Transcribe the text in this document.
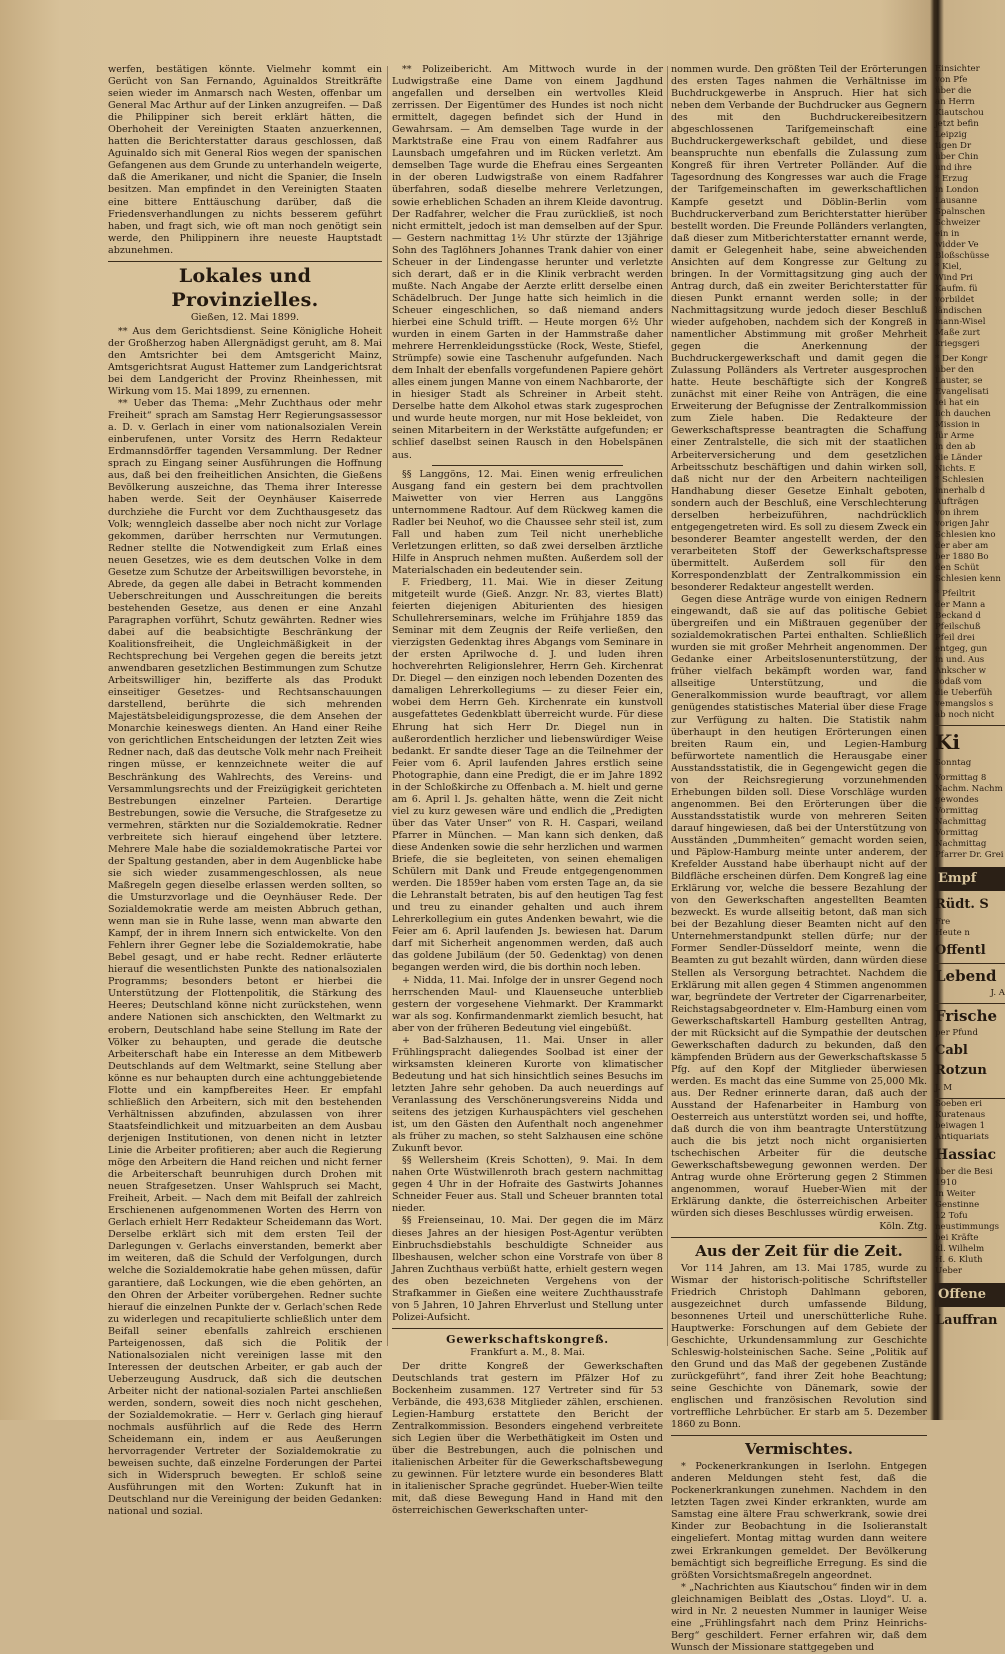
werfen, bestätigen könnte. Vielmehr kommt ein Gerücht von San Fernando, Aguinaldos Streitkräfte seien wieder im Anmarsch nach Westen, offenbar um General Mac Arthur auf der Linken anzugreifen. — Daß die Philippiner sich bereit erklärt hätten, die Oberhoheit der Vereinigten Staaten anzuerkennen, hatten die Berichterstatter daraus geschlossen, daß Aguinaldo sich mit General Rios wegen der spanischen Gefangenen aus dem Grunde zu unterhandeln weigerte, daß die Amerikaner, und nicht die Spanier, die Inseln besitzen. Man empfindet in den Vereinigten Staaten eine bittere Enttäuschung darüber, daß die Friedensverhandlungen zu nichts besserem geführt haben, und fragt sich, wie oft man noch genötigt sein werde, den Philippinern ihre neueste Hauptstadt abzunehmen.

Lokales und Provinzielles.
Gießen, 12. Mai 1899.

** Aus dem Gerichtsdienst. Seine Königliche Hoheit der Großherzog haben Allergnädigst geruht, am 8. Mai den Amtsrichter bei dem Amtsgericht Mainz, Amtsgerichtsrat August Hattemer zum Landgerichtsrat bei dem Landgericht der Provinz Rheinhessen, mit Wirkung vom 15. Mai 1899, zu ernennen.

** Ueber das Thema: „Mehr Zuchthaus oder mehr Freiheit“ sprach am Samstag Herr Regierungsassessor a. D. v. Gerlach in einer vom nationalsozialen Verein einberufenen, unter Vorsitz des Herrn Redakteur Erdmannsdörffer tagenden Versammlung. Der Redner sprach zu Eingang seiner Ausführungen die Hoffnung aus, daß bei den freiheitlichen Ansichten, die Gießens Bevölkerung auszeichne, das Thema ihrer Interesse haben werde. Seit der Oeynhäuser Kaiserrede durchziehe die Furcht vor dem Zuchthausgesetz das Volk; wenngleich dasselbe aber noch nicht zur Vorlage gekommen, darüber herrschten nur Vermutungen. Redner stellte die Notwendigkeit zum Erlaß eines neuen Gesetzes, wie es dem deutschen Volke in dem Gesetze zum Schutze der Arbeitswilligen bevorstehe, in Abrede, da gegen alle dabei in Betracht kommenden Ueberschreitungen und Ausschreitungen die bereits bestehenden Gesetze, aus denen er eine Anzahl Paragraphen vorführt, Schutz gewährten. Redner wies dabei auf die beabsichtigte Beschränkung der Koalitionsfreiheit, die Ungleichmäßigkeit in der Rechtsprechung bei Vergehen gegen die bereits jetzt anwendbaren gesetzlichen Bestimmungen zum Schutze Arbeitswilliger hin, bezifferte als das Produkt einseitiger Gesetzes- und Rechtsanschauungen darstellend, berührte die sich mehrenden Majestätsbeleidigungsprozesse, die dem Ansehen der Monarchie keineswegs dienten. An Hand einer Reihe von gerichtlichen Entscheidungen der letzten Zeit wies Redner nach, daß das deutsche Volk mehr nach Freiheit ringen müsse, er kennzeichnete weiter die auf Beschränkung des Wahlrechts, des Vereins- und Versammlungsrechts und der Freizügigkeit gerichteten Bestrebungen einzelner Parteien. Derartige Bestrebungen, sowie die Versuche, die Strafgesetze zu vermehren, stärkten nur die Sozialdemokratie. Redner verbreitete sich hierauf eingehend über letztere. Mehrere Male habe die sozialdemokratische Partei vor der Spaltung gestanden, aber in dem Augenblicke habe sie sich wieder zusammengeschlossen, als neue Maßregeln gegen dieselbe erlassen werden sollten, so die Umsturzvorlage und die Oeynhäuser Rede. Der Sozialdemokratie werde am meisten Abbruch gethan, wenn man sie in Ruhe lasse, wenn man abwarte den Kampf, der in ihrem Innern sich entwickelte. Von den Fehlern ihrer Gegner lebe die Sozialdemokratie, habe Bebel gesagt, und er habe recht. Redner erläuterte hierauf die wesentlichsten Punkte des nationalsozialen Programms; besonders betont er hierbei die Unterstützung der Flottenpolitik, die Stärkung des Heeres; Deutschland könne nicht zurückstehen, wenn andere Nationen sich anschickten, den Weltmarkt zu erobern, Deutschland habe seine Stellung im Rate der Völker zu behaupten, und gerade die deutsche Arbeiterschaft habe ein Interesse an dem Mitbewerb Deutschlands auf dem Weltmarkt, seine Stellung aber könne es nur behaupten durch eine achtunggebietende Flotte und ein kampfbereites Heer. Er empfahl schließlich den Arbeitern, sich mit den bestehenden Verhältnissen abzufinden, abzulassen von ihrer Staatsfeindlichkeit und mitzuarbeiten an dem Ausbau derjenigen Institutionen, von denen nicht in letzter Linie die Arbeiter profitieren; aber auch die Regierung möge den Arbeitern die Hand reichen und nicht ferner die Arbeiterschaft beunruhigen durch Drohen mit neuen Strafgesetzen. Unser Wahlspruch sei Macht, Freiheit, Arbeit. — Nach dem mit Beifall der zahlreich Erschienenen aufgenommenen Worten des Herrn von Gerlach erhielt Herr Redakteur Scheidemann das Wort. Derselbe erklärt sich mit dem ersten Teil der Darlegungen v. Gerlachs einverstanden, bemerkt aber im weiteren, daß die Schuld der Verfolgungen, durch welche die Sozialdemokratie habe gehen müssen, dafür garantiere, daß Lockungen, wie die eben gehörten, an den Ohren der Arbeiter vorübergehen. Redner suchte hierauf die einzelnen Punkte der v. Gerlach'schen Rede zu widerlegen und recapitulierte schließlich unter dem Beifall seiner ebenfalls zahlreich erschienen Parteigenossen, daß sich die Politik der Nationalsozialen nicht vereinigen lasse mit den Interessen der deutschen Arbeiter, er gab auch der Ueberzeugung Ausdruck, daß sich die deutschen Arbeiter nicht der national-sozialen Partei anschließen werden, sondern, soweit dies noch nicht geschehen, der Sozialdemokratie. — Herr v. Gerlach ging hierauf nochmals ausführlich auf die Rede des Herrn Scheidemann ein, indem er aus Aeußerungen hervorragender Vertreter der Sozialdemokratie zu beweisen suchte, daß einzelne Forderungen der Partei sich in Widerspruch bewegten. Er schloß seine Ausführungen mit den Worten: Zukunft hat in Deutschland nur die Vereinigung der beiden Gedanken: national und sozial.

** Polizeibericht. Am Mittwoch wurde in der Ludwigstraße eine Dame von einem Jagdhund angefallen und derselben ein wertvolles Kleid zerrissen. Der Eigentümer des Hundes ist noch nicht ermittelt, dagegen befindet sich der Hund in Gewahrsam. — Am demselben Tage wurde in der Marktstraße eine Frau von einem Radfahrer aus Launsbach umgefahren und im Rücken verletzt. Am demselben Tage wurde die Ehefrau eines Sergeanten in der oberen Ludwigstraße von einem Radfahrer überfahren, sodaß dieselbe mehrere Verletzungen, sowie erheblichen Schaden an ihrem Kleide davontrug. Der Radfahrer, welcher die Frau zurückließ, ist noch nicht ermittelt, jedoch ist man demselben auf der Spur. — Gestern nachmittag 1½ Uhr stürzte der 13jährige Sohn des Taglöhners Johannes Trank dahier von einer Scheuer in der Lindengasse herunter und verletzte sich derart, daß er in die Klinik verbracht werden mußte. Nach Angabe der Aerzte erlitt derselbe einen Schädelbruch. Der Junge hatte sich heimlich in die Scheuer eingeschlichen, so daß niemand anders hierbei eine Schuld trifft. — Heute morgen 6½ Uhr wurden in einem Garten in der Hammstraße daher mehrere Herrenkleidungsstücke (Rock, Weste, Stiefel, Strümpfe) sowie eine Taschenuhr aufgefunden. Nach dem Inhalt der ebenfalls vorgefundenen Papiere gehört alles einem jungen Manne von einem Nachbarorte, der in hiesiger Stadt als Schreiner in Arbeit steht. Derselbe hatte dem Alkohol etwas stark zugesprochen und wurde heute morgen, nur mit Hose bekleidet, von seinen Mitarbeitern in der Werkstätte aufgefunden; er schlief daselbst seinen Rausch in den Hobelspänen aus.

§§ Langgöns, 12. Mai. Einen wenig erfreulichen Ausgang fand ein gestern bei dem prachtvollen Maiwetter von vier Herren aus Langgöns unternommene Radtour. Auf dem Rückweg kamen die Radler bei Neuhof, wo die Chaussee sehr steil ist, zum Fall und haben zum Teil nicht unerhebliche Verletzungen erlitten, so daß zwei derselben ärztliche Hilfe in Anspruch nehmen mußten. Außerdem soll der Materialschaden ein bedeutender sein.

F. Friedberg, 11. Mai. Wie in dieser Zeitung mitgeteilt wurde (Gieß. Anzgr. Nr. 83, viertes Blatt) feierten diejenigen Abiturienten des hiesigen Schullehrerseminars, welche im Frühjahre 1859 das Seminar mit dem Zeugnis der Reife verließen, den vierzigsten Gedenktag ihres Abgangs vom Seminare in der ersten Aprilwoche d. J. und luden ihren hochverehrten Religionslehrer, Herrn Geh. Kirchenrat Dr. Diegel — den einzigen noch lebenden Dozenten des damaligen Lehrerkollegiums — zu dieser Feier ein, wobei dem Herrn Geh. Kirchenrate ein kunstvoll ausgefattetes Gedenkblatt überreicht wurde. Für diese Ehrung hat sich Herr Dr. Diegel nun in außerordentlich herzlicher und liebenswürdiger Weise bedankt. Er sandte dieser Tage an die Teilnehmer der Feier vom 6. April laufenden Jahres erstlich seine Photographie, dann eine Predigt, die er im Jahre 1892 in der Schloßkirche zu Offenbach a. M. hielt und gerne am 6. April l. Js. gehalten hätte, wenn die Zeit nicht viel zu kurz gewesen wäre und endlich die „Predigten über das Vater Unser“ von R. H. Caspari, weiland Pfarrer in München. — Man kann sich denken, daß diese Andenken sowie die sehr herzlichen und warmen Briefe, die sie begleiteten, von seinen ehemaligen Schülern mit Dank und Freude entgegengenommen werden. Die 1859er haben vom ersten Tage an, da sie die Lehranstalt betraten, bis auf den heutigen Tag fest und treu zu einander gehalten und auch ihrem Lehrerkollegium ein gutes Andenken bewahrt, wie die Feier am 6. April laufenden Js. bewiesen hat. Darum darf mit Sicherheit angenommen werden, daß auch das goldene Jubiläum (der 50. Gedenktag) von denen begangen werden wird, die bis dorthin noch leben.

+ Nidda, 11. Mai. Infolge der in unsrer Gegend noch herrschenden Maul- und Klauenseuche unterblieb gestern der vorgesehene Viehmarkt. Der Krammarkt war als sog. Konfirmandenmarkt ziemlich besucht, hat aber von der früheren Bedeutung viel eingebüßt.

+ Bad-Salzhausen, 11. Mai. Unser in aller Frühlingspracht daliegendes Soolbad ist einer der wirksamsten kleineren Kurorte von klimatischer Bedeutung und hat sich hinsichtlich seines Besuchs im letzten Jahre sehr gehoben. Da auch neuerdings auf Veranlassung des Verschönerungsvereins Nidda und seitens des jetzigen Kurhauspächters viel geschehen ist, um den Gästen den Aufenthalt noch angenehmer als früher zu machen, so steht Salzhausen eine schöne Zukunft bevor.

§§ Wellersheim (Kreis Schotten), 9. Mai. In dem nahen Orte Wüstwillenroth brach gestern nachmittag gegen 4 Uhr in der Hofraite des Gastwirts Johannes Schneider Feuer aus. Stall und Scheuer brannten total nieder.

§§ Freienseinau, 10. Mai. Der gegen die im März dieses Jahres an der hiesigen Post-Agentur verübten Einbruchsdiebstahls beschuldigte Schneider aus Ilbeshausen, welcher schon eine Vorstrafe von über 8 Jahren Zuchthaus verbüßt hatte, erhielt gestern wegen des oben bezeichneten Vergehens von der Strafkammer in Gießen eine weitere Zuchthausstrafe von 5 Jahren, 10 Jahren Ehrverlust und Stellung unter Polizei-Aufsicht.

Gewerkschaftskongreß.
Frankfurt a. M., 8. Mai.

Der dritte Kongreß der Gewerkschaften Deutschlands trat gestern im Pfälzer Hof zu Bockenheim zusammen. 127 Vertreter sind für 53 Verbände, die 493,638 Mitglieder zählen, erschienen. Legien-Hamburg erstattete den Bericht der Zentralkommission. Besonders eingehend verbreitete sich Legien über die Werbethätigkeit im Osten und über die Bestrebungen, auch die polnischen und italienischen Arbeiter für die Gewerkschaftsbewegung zu gewinnen. Für letztere wurde ein besonderes Blatt in italienischer Sprache gegründet. Hueber-Wien teilte mit, daß diese Bewegung Hand in Hand mit den österreichischen Gewerkschaften unter-

nommen wurde. Den größten Teil der Erörterungen des ersten Tages nahmen die Verhältnisse im Buchdruckgewerbe in Anspruch. Hier hat sich neben dem Verbande der Buchdrucker aus Gegnern des mit den Buchdruckereibesitzern abgeschlossenen Tarifgemeinschaft eine Buchdruckergewerkschaft gebildet, und diese beanspruchte nun ebenfalls die Zulassung zum Kongreß für ihren Vertreter Polländer. Auf die Tagesordnung des Kongresses war auch die Frage der Tarifgemeinschaften im gewerkschaftlichen Kampfe gesetzt und Döblin-Berlin vom Buchdruckerverband zum Berichterstatter hierüber bestellt worden. Die Freunde Polländers verlangten, daß dieser zum Mitberichterstatter ernannt werde, damit er Gelegenheit habe, seine abweichenden Ansichten auf dem Kongresse zur Geltung zu bringen. In der Vormittagsitzung ging auch der Antrag durch, daß ein zweiter Berichterstatter für diesen Punkt ernannt werden solle; in der Nachmittagsitzung wurde jedoch dieser Beschluß wieder aufgehoben, nachdem sich der Kongreß in namentlicher Abstimmung mit großer Mehrheit gegen die Anerkennung der Buchdruckergewerkschaft und damit gegen die Zulassung Polländers als Vertreter ausgesprochen hatte. Heute beschäftigte sich der Kongreß zunächst mit einer Reihe von Anträgen, die eine Erweiterung der Befugnisse der Zentralkommission zum Ziele haben. Die Redakteure der Gewerkschaftspresse beantragten die Schaffung einer Zentralstelle, die sich mit der staatlichen Arbeiterversicherung und dem gesetzlichen Arbeitsschutz beschäftigen und dahin wirken soll, daß nicht nur der den Arbeitern nachteiligen Handhabung dieser Gesetze Einhalt geboten, sondern auch der Beschluß, eine Verschlechterung derselben herbeizuführen, nachdrücklich entgegengetreten wird. Es soll zu diesem Zweck ein besonderer Beamter angestellt werden, der den verarbeiteten Stoff der Gewerkschaftspresse übermittelt. Außerdem soll für den Korrespondenzblatt der Zentralkommission ein besonderer Redakteur angestellt werden.

Gegen diese Anträge wurde von einigen Rednern eingewandt, daß sie auf das politische Gebiet übergreifen und ein Mißtrauen gegenüber der sozialdemokratischen Partei enthalten. Schließlich wurden sie mit großer Mehrheit angenommen. Der Gedanke einer Arbeitslosenunterstützung, der früher vielfach bekämpft worden war, fand allseitige Unterstützung, und die Generalkommission wurde beauftragt, vor allem genügendes statistisches Material über diese Frage zur Verfügung zu halten. Die Statistik nahm überhaupt in den heutigen Erörterungen einen breiten Raum ein, und Legien-Hamburg befürwortete namentlich die Herausgabe einer Ausstandsstatistik, die in Gegengewicht gegen die von der Reichsregierung vorzunehmenden Erhebungen bilden soll. Diese Vorschläge wurden angenommen. Bei den Erörterungen über die Ausstandsstatistik wurde von mehreren Seiten darauf hingewiesen, daß bei der Unterstützung von Ausständen „Dummheiten“ gemacht worden seien, und Päplow-Hamburg meinte unter anderem, der Krefelder Ausstand habe überhaupt nicht auf der Bildfläche erscheinen dürfen. Dem Kongreß lag eine Erklärung vor, welche die bessere Bezahlung der von den Gewerkschaften angestellten Beamten bezweckt. Es wurde allseitig betont, daß man sich bei der Bezahlung dieser Beamten nicht auf den Unternehmerstandpunkt stellen dürfe; nur der Former Sendler-Düsseldorf meinte, wenn die Beamten zu gut bezahlt würden, dann würden diese Stellen als Versorgung betrachtet. Nachdem die Erklärung mit allen gegen 4 Stimmen angenommen war, begründete der Vertreter der Cigarrenarbeiter, Reichstagsabgeordneter v. Elm-Hamburg einen vom Gewerkschaftskartell Hamburg gestellten Antrag, der mit Rücksicht auf die Sympathie der deutschen Gewerkschaften dadurch zu bekunden, daß den kämpfenden Brüdern aus der Gewerkschaftskasse 5 Pfg. auf den Kopf der Mitglieder überwiesen werden. Es macht das eine Summe von 25,000 Mk. aus. Der Redner erinnerte daran, daß auch der Ausstand der Hafenarbeiter in Hamburg von Oesterreich aus unterstützt worden sei, und hoffte, daß durch die von ihm beantragte Unterstützung auch die bis jetzt noch nicht organisierten tschechischen Arbeiter für die deutsche Gewerkschaftsbewegung gewonnen werden. Der Antrag wurde ohne Erörterung gegen 2 Stimmen angenommen, worauf Hueber-Wien mit der Erklärung dankte, die österreichischen Arbeiter würden sich dieses Beschlusses würdig erweisen.

Köln. Ztg.
Aus der Zeit für die Zeit.

Vor 114 Jahren, am 13. Mai 1785, wurde zu Wismar der historisch-politische Schriftsteller Friedrich Christoph Dahlmann geboren, ausgezeichnet durch umfassende Bildung, besonnenes Urteil und unerschütterliche Ruhe. Hauptwerke: Forschungen auf dem Gebiete der Geschichte, Urkundensammlung zur Geschichte Schleswig-holsteinischen Sache. Seine „Politik auf den Grund und das Maß der gegebenen Zustände zurückgeführt“, fand ihrer Zeit hohe Beachtung; seine Geschichte von Dänemark, sowie der englischen und französischen Revolution sind vortreffliche Lehrbücher. Er starb am 5. Dezember 1860 zu Bonn.

Vermischtes.

* Pockenerkrankungen in Iserlohn. Entgegen anderen Meldungen steht fest, daß die Pockenerkrankungen zunehmen. Nachdem in den letzten Tagen zwei Kinder erkrankten, wurde am Samstag eine ältere Frau schwerkrank, sowie drei Kinder zur Beobachtung in die Isolieranstalt eingeliefert. Montag mittag wurden dann weitere zwei Erkrankungen gemeldet. Der Bevölkerung bemächtigt sich begreifliche Erregung. Es sind die größten Vorsichtsmaßregeln angeordnet.

* „Nachrichten aus Kiautschou“ finden wir in dem gleichnamigen Beiblatt des „Ostas. Lloyd“. U. a. wird in Nr. 2 neuesten Nummer in launiger Weise eine „Frühlingsfahrt nach dem Prinz Heinrichs-Berg“ geschildert. Ferner erfahren wir, daß dem Wunsch der Missionare stattgegeben und

Einsichter

von Pfe

über die

an Herrn

Kiautschou

jetzt befin

Leipzig

tigen Dr

über Chin

und ihre

* Erzug

in London

Lausanne

Spalnschen

Schweizer

ein in

widder Ve

Bloßschüsse

* Kiel,

Wind Pri

Kaufm. fü

vorbildet

ländischen

mann-Wisel

Maße zurt

kriegsgeri

* Der Kongr

über den

Lauster, se

Evangelisati

tei hat ein

lich dauchen

Mission in

für Arme

in den ab

die Länder

Nichts. E

* Schlesien

innerhalb d

Aufträgen

von ihrem

vorigen Jahr

Schlesien kno

der aber am

ber 1880 Bo

den Schüt

Schlesien kenn

* Pfeiltrit

der Mann a

Beckand d

Pfeilschuß

Pfeil drei

entgeg, gun

in und. Aus

Ankscher w

sodaß vom

die Ueberfüh

vemangslos s

ab noch nicht

Ki

Sonntag

Vormittag 8

Nachm. Nachm

gewondes

Vormittag

Nachmittag

Vormittag

Nachmittag

Pfarrer Dr. Grei

Empf
Rüdt. S

Fre

Heute n

Offentl
Lebend

J. A

Frische

per Pfund

Cabl
Rotzun

J. M

Soeben eri

Kuratenaus

beiwagen 1

Antiquariats

Hassiac

über die Besi

1910

In Weiter

Genstinne

12 Tofu

neustimmungs

bei Kräfte

kl. Wilhelm

H. 6. Kluth

Ueber

Offene
Lauffran
